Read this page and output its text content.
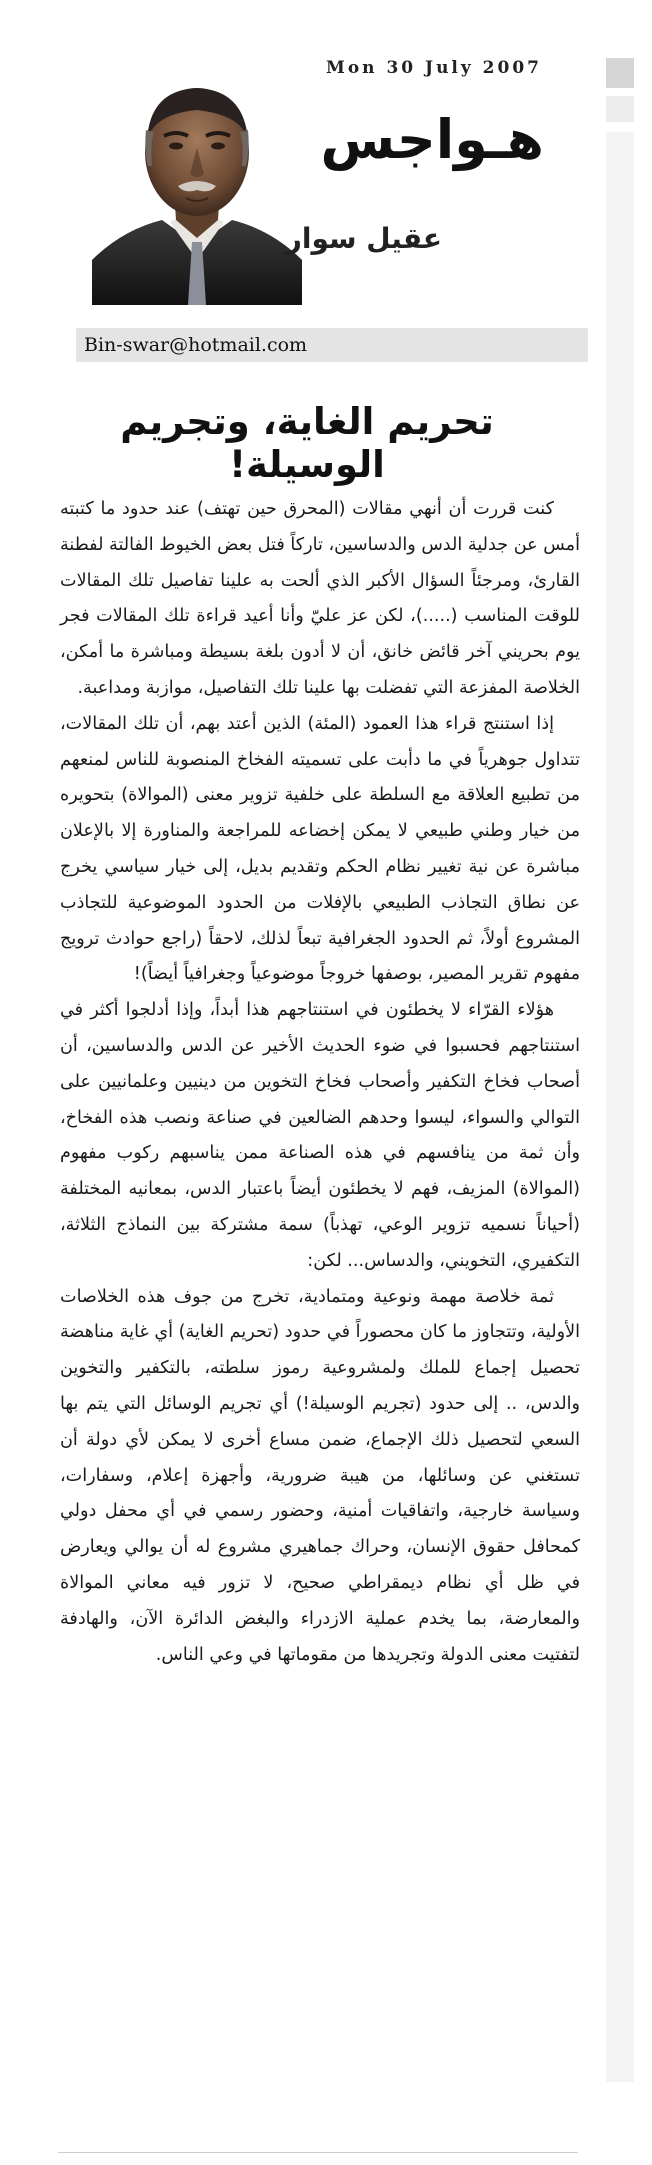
Mon 30 July 2007
هـواجس
عقيل سوار
Bin-swar@hotmail.com
تحريم الغاية، وتجريم الوسيلة!

كنت قررت أن أنهي مقالات (المحرق حين تهتف) عند حدود ما كتبته أمس عن جدلية الدس والدساسين، تاركاً فتل بعض الخيوط الفالتة لفطنة القارئ، ومرجئاً السؤال الأكبر الذي ألحت به علينا تفاصيل تلك المقالات للوقت المناسب (.....)، لكن عز عليّ وأنا أعيد قراءة تلك المقالات فجر يوم بحريني آخر قائض خانق، أن لا أدون بلغة بسيطة ومباشرة ما أمكن، الخلاصة المفزعة التي تفضلت بها علينا تلك التفاصيل، موازبة ومداعبة.

إذا استنتج قراء هذا العمود (المئة) الذين أعتد بهم، أن تلك المقالات، تتداول جوهرياً في ما دأبت على تسميته الفخاخ المنصوبة للناس لمنعهم من تطبيع العلاقة مع السلطة على خلفية تزوير معنى (الموالاة) بتحويره من خيار وطني طبيعي لا يمكن إخضاعه للمراجعة والمناورة إلا بالإعلان مباشرة عن نية تغيير نظام الحكم وتقديم بديل، إلى خيار سياسي يخرج عن نطاق التجاذب الطبيعي بالإفلات من الحدود الموضوعية للتجاذب المشروع أولاً، ثم الحدود الجغرافية تبعاً لذلك، لاحقاً (راجع حوادث ترويج مفهوم تقرير المصير، بوصفها خروجاً موضوعياً وجغرافياً أيضاً)!

هؤلاء القرّاء لا يخطئون في استنتاجهم هذا أبداً، وإذا أدلجوا أكثر في استنتاجهم فحسبوا في ضوء الحديث الأخير عن الدس والدساسين، أن أصحاب فخاخ التكفير وأصحاب فخاخ التخوين من دينيين وعلمانيين على التوالي والسواء، ليسوا وحدهم الضالعين في صناعة ونصب هذه الفخاخ، وأن ثمة من ينافسهم في هذه الصناعة ممن يناسبهم ركوب مفهوم (الموالاة) المزيف، فهم لا يخطئون أيضاً باعتبار الدس، بمعانيه المختلفة (أحياناً نسميه تزوير الوعي، تهذباً) سمة مشتركة بين النماذج الثلاثة، التكفيري، التخويني، والدساس... لكن:

ثمة خلاصة مهمة ونوعية ومتمادية، تخرج من جوف هذه الخلاصات الأولية، وتتجاوز ما كان محصوراً في حدود (تحريم الغاية) أي غاية مناهضة تحصيل إجماع للملك ولمشروعية رموز سلطته، بالتكفير والتخوين والدس، .. إلى حدود (تجريم الوسيلة!) أي تجريم الوسائل التي يتم بها السعي لتحصيل ذلك الإجماع، ضمن مساع أخرى لا يمكن لأي دولة أن تستغني عن وسائلها، من هيبة ضرورية، وأجهزة إعلام، وسفارات، وسياسة خارجية، واتفاقيات أمنية، وحضور رسمي في أي محفل دولي كمحافل حقوق الإنسان، وحراك جماهيري مشروع له أن يوالي ويعارض في ظل أي نظام ديمقراطي صحيح، لا تزور فيه معاني الموالاة والمعارضة، بما يخدم عملية الازدراء والبغض الدائرة الآن، والهادفة لتفتيت معنى الدولة وتجريدها من مقوماتها في وعي الناس.
